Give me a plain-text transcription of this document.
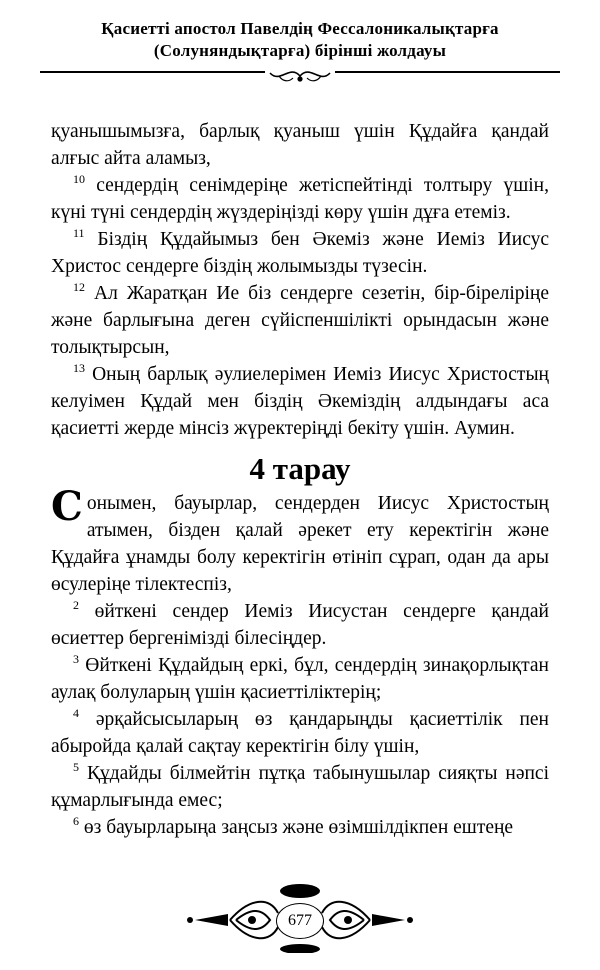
Қасиетті апостол Павелдің Фессалоникалықтарға
(Солуняндықтарға) бірінші жолдауы

қуанышымызға, барлық қуаныш үшін Құдайға қандай алғыс айта аламыз,

$^{10}$ сендердің сенімдеріңе жетіспейтінді толтыру үшін, күні түні сендердің жүздеріңізді көру үшін дұға етеміз.

$^{11}$ Біздің Құдайымыз бен Әкеміз және Иеміз Иисус Христос сендерге біздің жолымызды түзесін.

$^{12}$ Ал Жаратқан Ие біз сендерге сезетін, бір-біреліріңе және барлығына деген сүйіспеншілікті орындасын және толықтырсын,

$^{13}$ Оның барлық әулиелерімен Иеміз Иисус Христостың келуімен Құдай мен біздің Әкеміздің алдындағы аса қасиетті жерде мінсіз жүректеріңді бекіту үшін. Аумин.

4 тарау

Сонымен, бауырлар, сендерден Иисус Христостың атымен, бізден қалай әрекет ету керектігін және Құдайға ұнамды болу керектігін өтініп сұрап, одан да ары өсулеріңе тілектеспіз,

$^2$ өйткені сендер Иеміз Иисустан сендерге қандай өсиеттер бергенімізді білесіңдер.

$^3$ Өйткені Құдайдың еркі, бұл, сендердің зинақорлықтан аулақ болуларың үшін қасиеттіліктерің;

$^4$ әрқайсысыларың өз қандарыңды қасиеттілік пен абыройда қалай сақтау керектігін білу үшін,

$^5$ Құдайды білмейтін пұтқа табынушылар сияқты нәпсі құмарлығында емес;

$^6$ өз бауырларыңа заңсыз және өзімшілдікпен ештеңе

677
